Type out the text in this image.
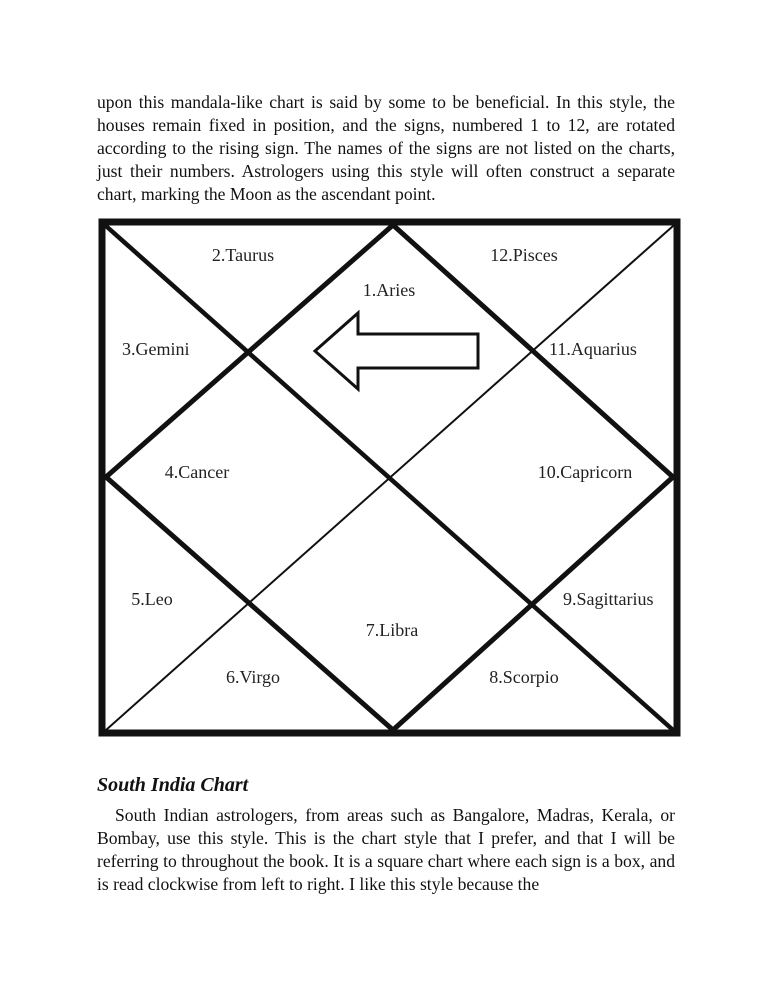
upon this mandala-like chart is said by some to be beneficial. In this style, the houses remain fixed in position, and the signs, numbered 1 to 12, are rotated according to the rising sign. The names of the signs are not listed on the charts, just their numbers. Astrologers using this style will often construct a separate chart, marking the Moon as the ascendant point.

2.Taurus	12.Pisces
1.Aries
3.Gemini	11.Aquarius
4.Cancer	10.Capricorn
5.Leo	9.Sagittarius
7.Libra
6.Virgo	8.Scorpio
South India Chart

South Indian astrologers, from areas such as Bangalore, Madras, Kerala, or Bombay, use this style. This is the chart style that I prefer, and that I will be referring to throughout the book. It is a square chart where each sign is a box, and is read clockwise from left to right. I like this style because the
